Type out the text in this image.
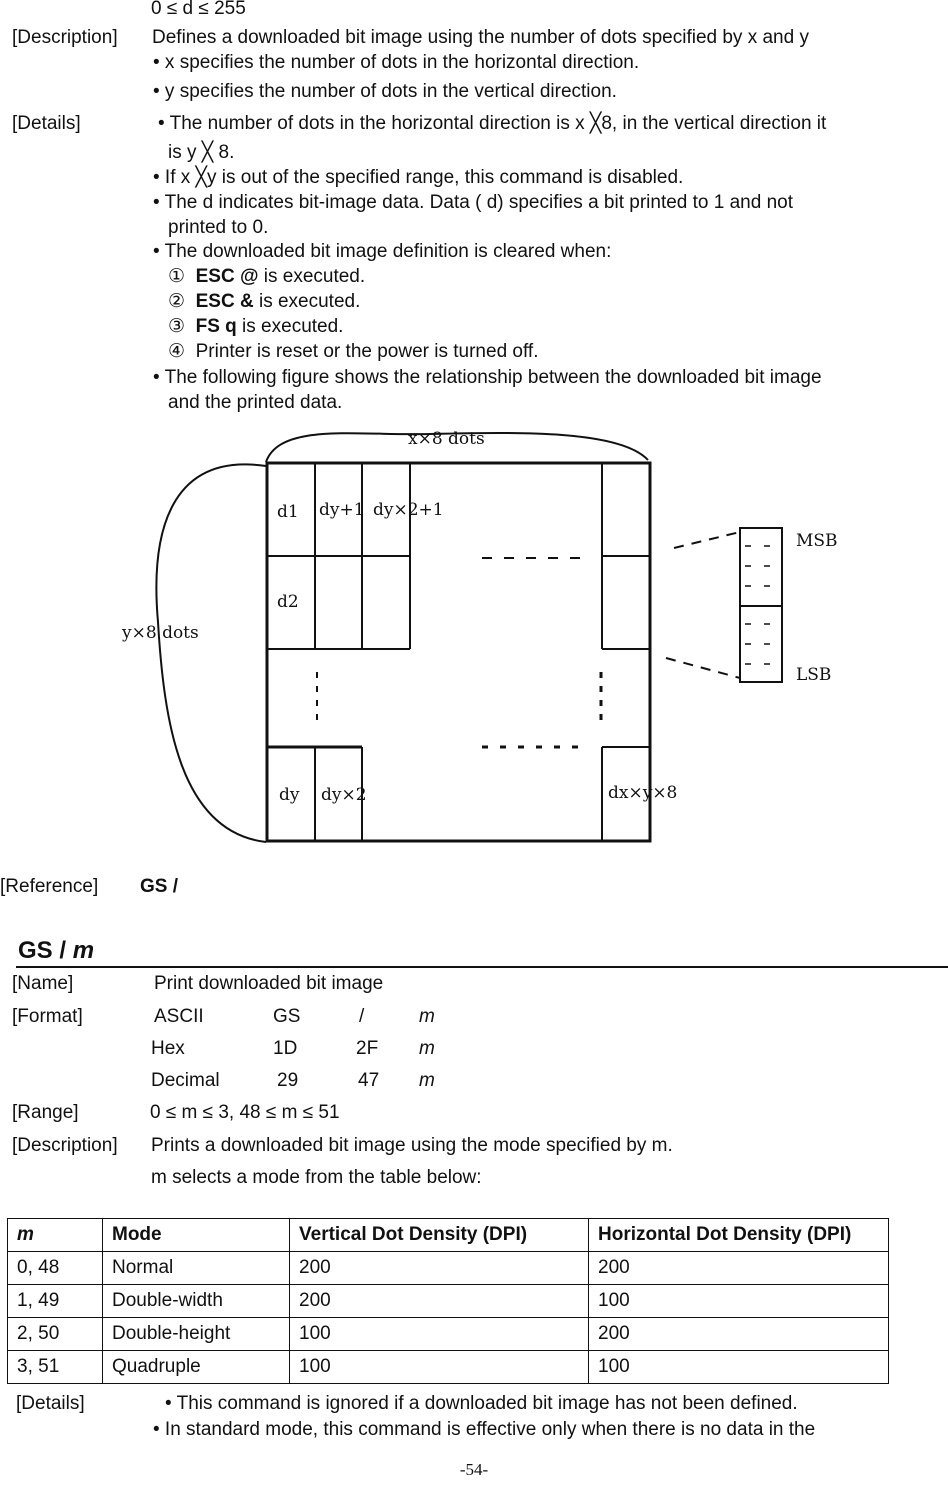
0 ≤ d ≤ 255
[Description] Defines a downloaded bit image using the number of dots specified by x and y
• x specifies the number of dots in the horizontal direction.
• y specifies the number of dots in the vertical direction.
[Details]	• The number of dots in the horizontal direction is x ╳8, in the vertical direction it
is y ╳ 8.
• If x ╳y is out of the specified range, this command is disabled.
• The d indicates bit-image data. Data ( d) specifies a bit printed to 1 and not
printed to 0.
• The downloaded bit image definition is cleared when:
① ESC @ is executed.
② ESC & is executed.
③ FS q is executed.
④ Printer is reset or the power is turned off.
• The following figure shows the relationship between the downloaded bit image
and the printed data.
x×8 dots
y×8 dots
d1 dy+1 dy×2+1
d2
dy dy×2	dx×y×8
MSB
LSB
[Reference] GS /
GS / m
[Name]	Print downloaded bit image
[Format]	ASCII	GS	/	m
Hex	1D	2F m
Decimal	29	47 m
[Range]	0 ≤ m ≤ 3, 48 ≤ m ≤ 51
[Description] Prints a downloaded bit image using the mode specified by m.
m selects a mode from the table below:
m	Mode	Vertical Dot Density (DPI)	Horizontal Dot Density (DPI)
0, 48	Normal	200	200
1, 49	Double-width	200	100
2, 50	Double-height	100	200
3, 51	Quadruple	100	100
[Details]	• This command is ignored if a downloaded bit image has not been defined.
• In standard mode, this command is effective only when there is no data in the
-54-
